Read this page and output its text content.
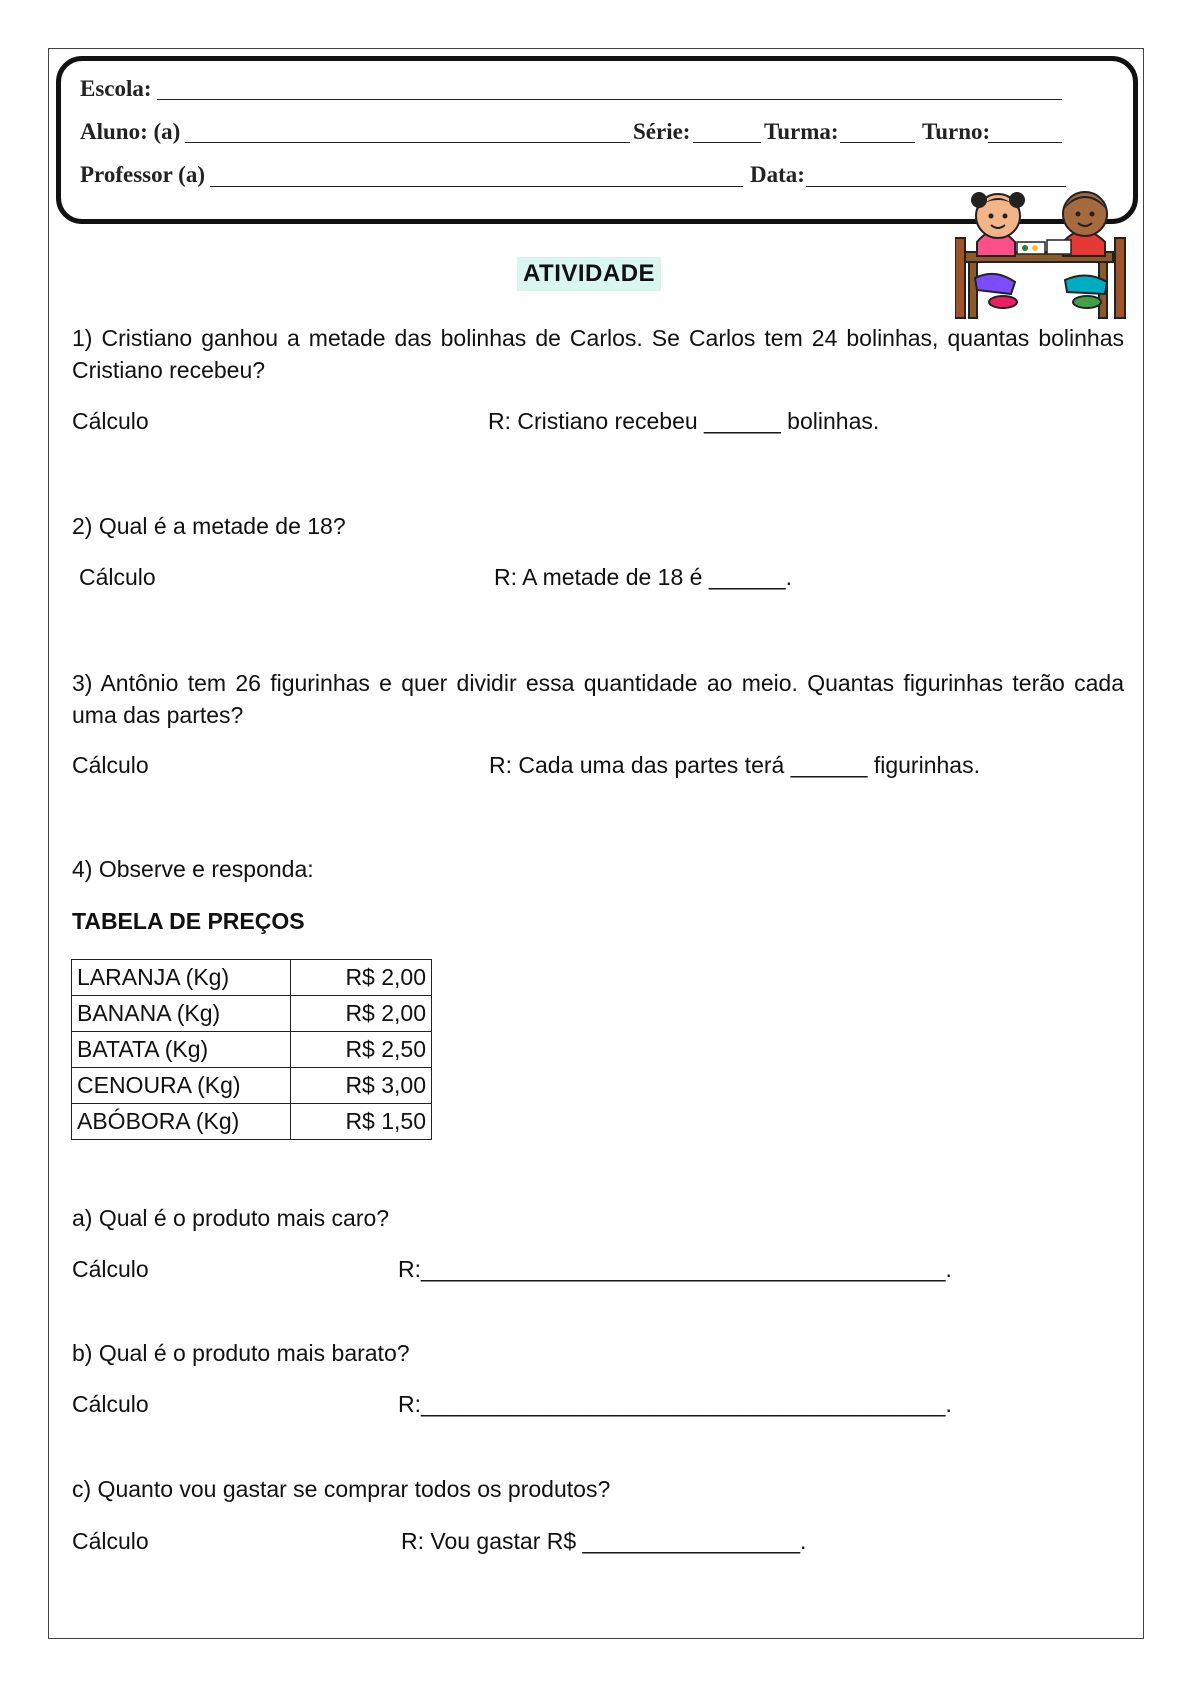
Escola:
Aluno: (a)	Série:	Turma:	Turno:
Professor (a)	Data:
ATIVIDADE
1) Cristiano ganhou a metade das bolinhas de Carlos. Se Carlos tem 24 bolinhas, quantas bolinhas Cristiano recebeu?
Cálculo	R: Cristiano recebeu ______ bolinhas.
2) Qual é a metade de 18?
Cálculo	R: A metade de 18 é ______.
3) Antônio tem 26 figurinhas e quer dividir essa quantidade ao meio. Quantas figurinhas terão cada uma das partes?
Cálculo	R: Cada uma das partes terá ______ figurinhas.
4) Observe e responda:
TABELA DE PREÇOS
LARANJA (Kg)	R$ 2,00
BANANA (Kg)	R$ 2,00
BATATA (Kg)	R$ 2,50
CENOURA (Kg)	R$ 3,00
ABÓBORA (Kg)	R$ 1,50
a) Qual é o produto mais caro?
Cálculo	R:_________________________________________.
b) Qual é o produto mais barato?
Cálculo	R:_________________________________________.
c) Quanto vou gastar se comprar todos os produtos?
Cálculo	R: Vou gastar R$ _________________.
